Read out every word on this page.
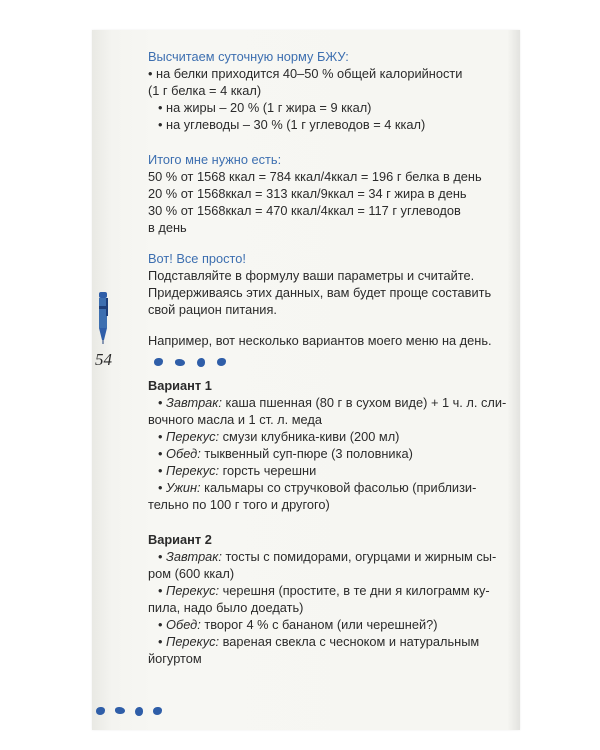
54

Высчитаем суточную норму БЖУ:

• на белки приходится 40–50 % общей калорийности

(1 г белка = 4 ккал)

• на жиры – 20 % (1 г жира = 9 ккал)

• на углеводы – 30 % (1 г углеводов = 4 ккал)

Итого мне нужно есть:

50 % от 1568 ккал = 784 ккал/4ккал = 196 г белка в день

20 % от 1568ккал = 313 ккал/9ккал = 34 г жира в день

30 % от 1568ккал = 470 ккал/4ккал = 117 г углеводов

в день

Вот! Все просто!

Подставляйте в формулу ваши параметры и считайте.

Придерживаясь этих данных, вам будет проще составить

свой рацион питания.

Например, вот несколько вариантов моего меню на день.

Вариант 1

• Завтрак: каша пшенная (80 г в сухом виде) + 1 ч. л. сли-

вочного масла и 1 ст. л. меда

• Перекус: смузи клубника-киви (200 мл)

• Обед: тыквенный суп-пюре (3 половника)

• Перекус: горсть черешни

• Ужин: кальмары со стручковой фасолью (приблизи-

тельно по 100 г того и другого)

Вариант 2

• Завтрак: тосты с помидорами, огурцами и жирным сы-

ром (600 ккал)

• Перекус: черешня (простите, в те дни я килограмм ку-

пила, надо было доедать)

• Обед: творог 4 % с бананом (или черешней?)

• Перекус: вареная свекла с чесноком и натуральным

йогуртом
